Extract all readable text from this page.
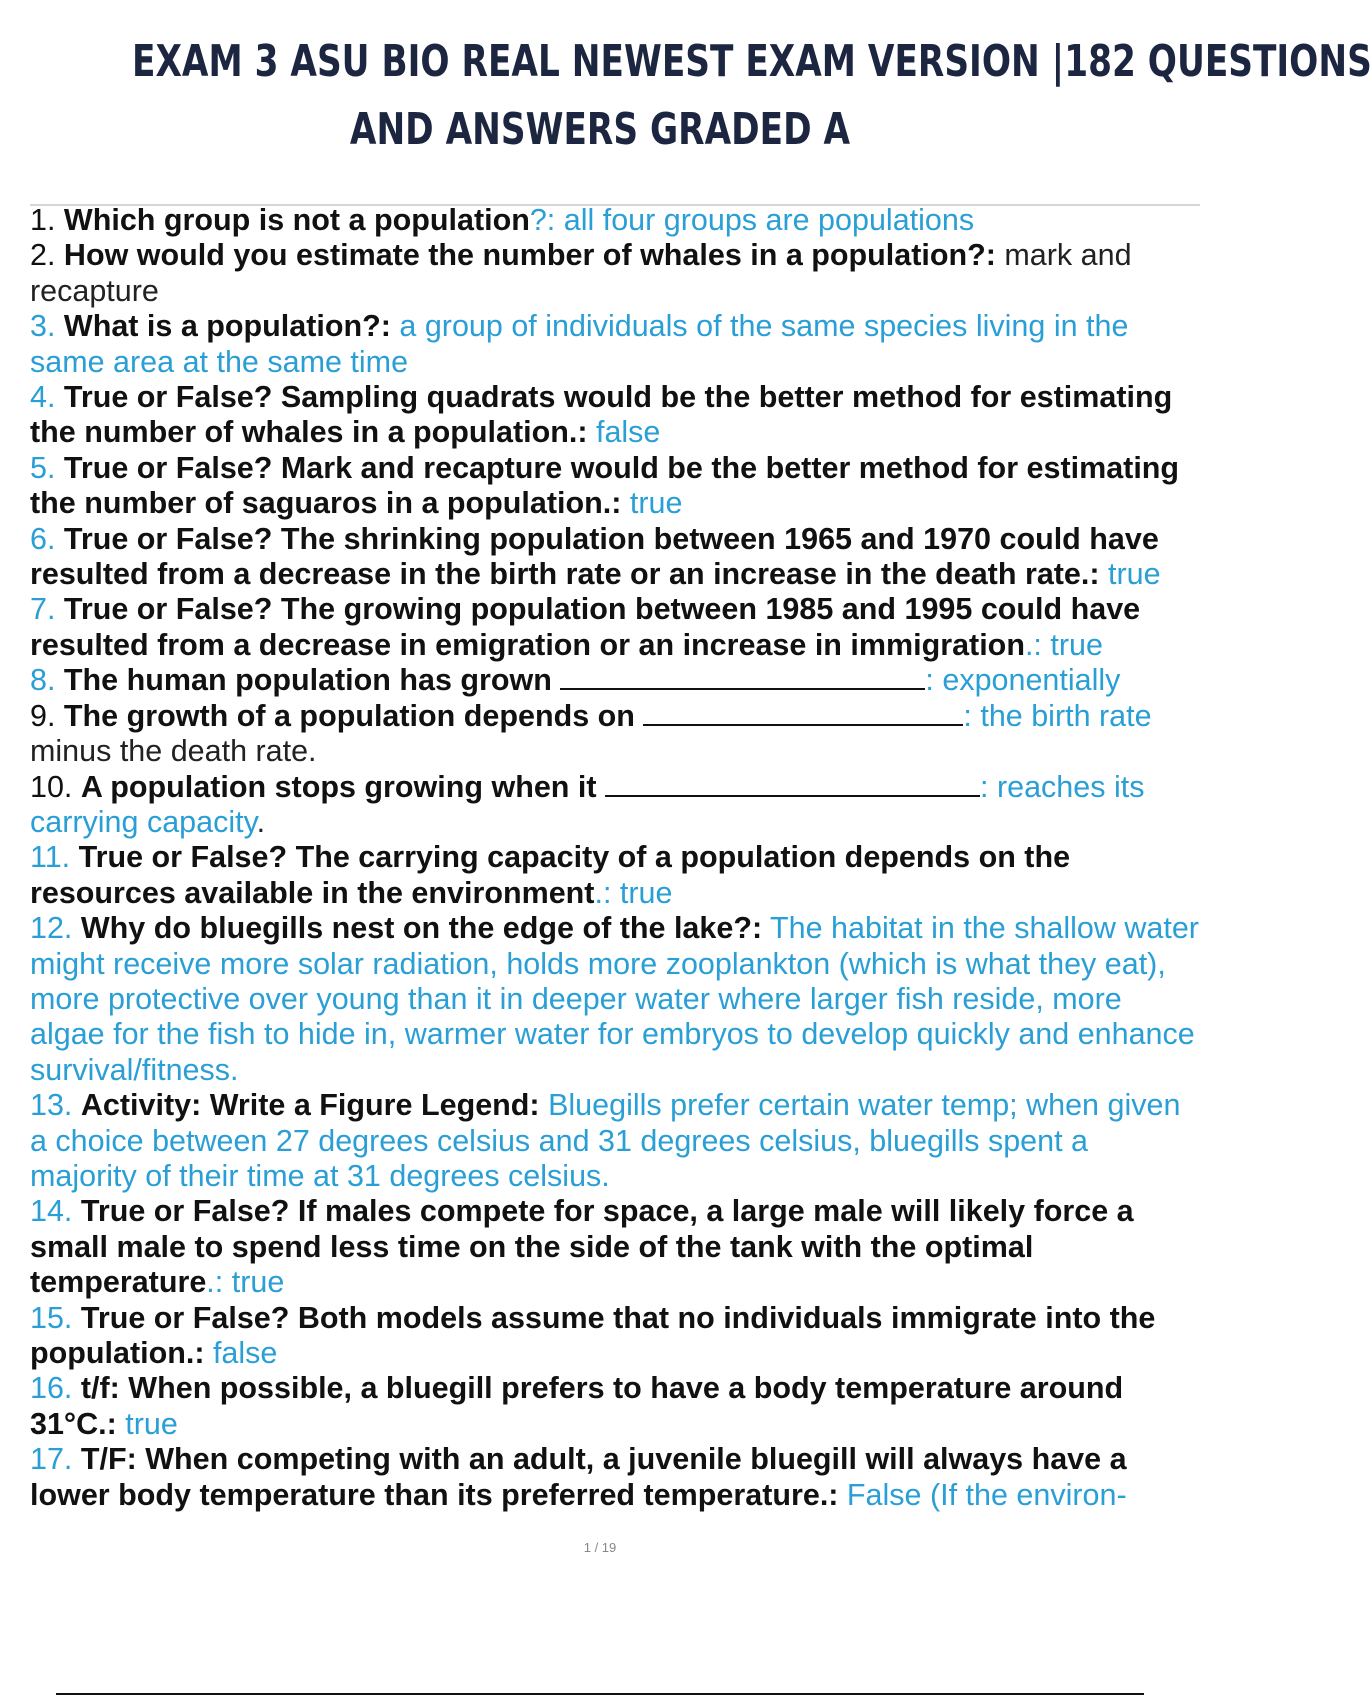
EXAM 3 ASU BIO REAL NEWEST EXAM VERSION |182 QUESTIONS
AND ANSWERS GRADED A

1. Which group is not a population?: all four groups are populations

2. How would you estimate the number of whales in a population?: mark and recapture

3. What is a population?: a group of individuals of the same species living in the same area at the same time

4. True or False? Sampling quadrats would be the better method for estimating the number of whales in a population.: false

5. True or False? Mark and recapture would be the better method for estimating the number of saguaros in a population.: true

6. True or False? The shrinking population between 1965 and 1970 could have resulted from a decrease in the birth rate or an increase in the death rate.: true

7. True or False? The growing population between 1985 and 1995 could have resulted from a decrease in emigration or an increase in immigration.: true

8. The human population has grown	: exponentially

9. The growth of a population depends on	: the birth rate minus the death rate.

10. A population stops growing when it	: reaches its carrying capacity.

11. True or False? The carrying capacity of a population depends on the resources available in the environment.: true

12. Why do bluegills nest on the edge of the lake?: The habitat in the shallow water might receive more solar radiation, holds more zooplankton (which is what they eat), more protective over young than it in deeper water where larger fish reside, more algae for the fish to hide in, warmer water for embryos to develop quickly and enhance survival/fitness.

13. Activity: Write a Figure Legend: Bluegills prefer certain water temp; when given a choice between 27 degrees celsius and 31 degrees celsius, bluegills spent a majority of their time at 31 degrees celsius.

14. True or False? If males compete for space, a large male will likely force a small male to spend less time on the side of the tank with the optimal temperature.: true

15. True or False? Both models assume that no individuals immigrate into the population.: false

16. t/f: When possible, a bluegill prefers to have a body temperature around 31°C.: true

17. T/F: When competing with an adult, a juvenile bluegill will always have a lower body temperature than its preferred temperature.: False (If the environ-

1 / 19
